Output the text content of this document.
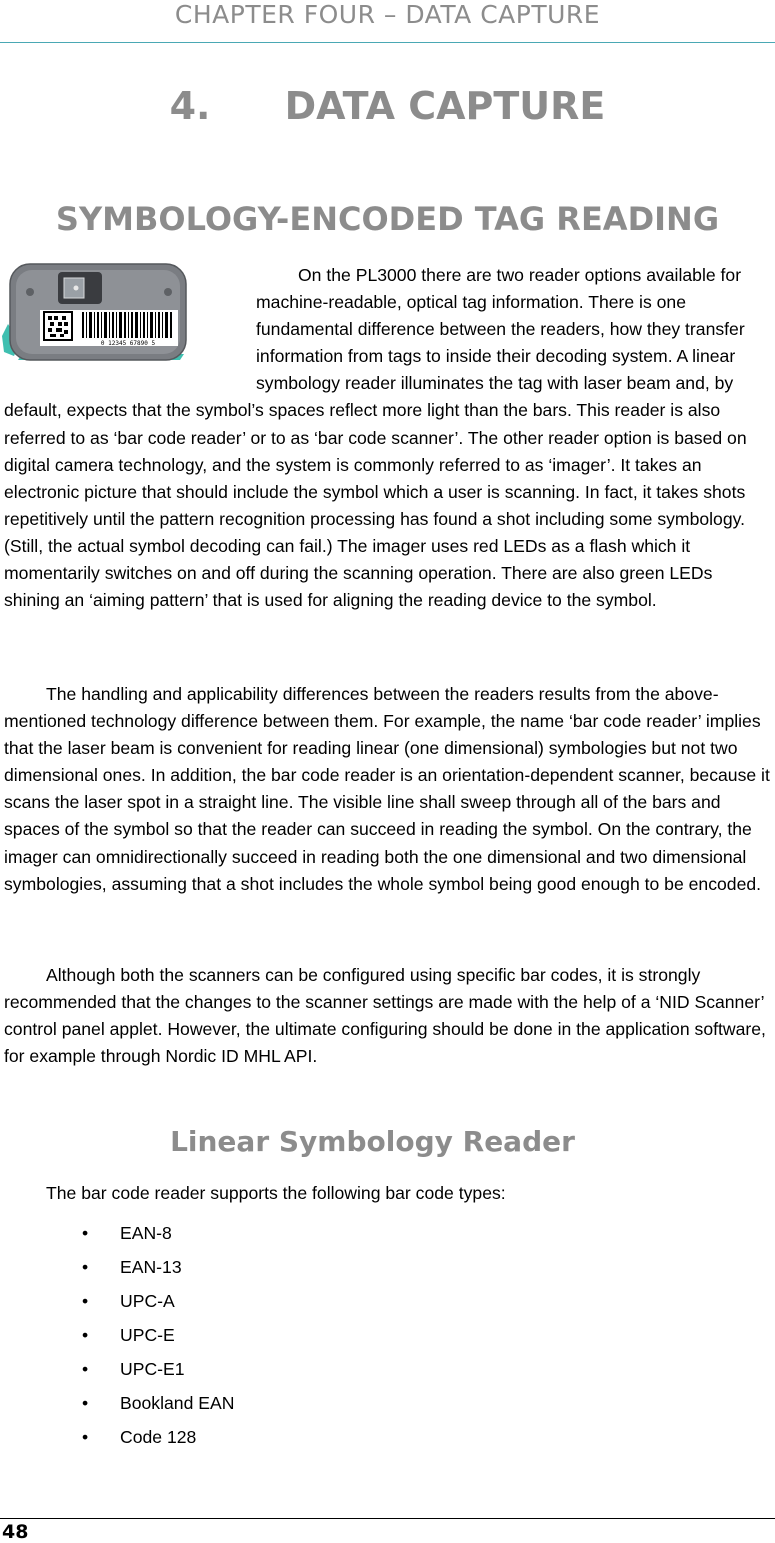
CHAPTER FOUR – DATA CAPTURE
4. DATA CAPTURE
SYMBOLOGY-ENCODED TAG READING
0 12345 67890 5

On the PL3000 there are two reader options available for machine-readable, optical tag information. There is one fundamental difference between the readers, how they transfer information from tags to inside their decoding system. A linear symbology reader illuminates the tag with laser beam and, by default, expects that the symbol’s spaces reflect more light than the bars. This reader is also referred to as ‘bar code reader’ or to as ‘bar code scanner’. The other reader option is based on digital camera technology, and the system is commonly referred to as ‘imager’. It takes an electronic picture that should include the symbol which a user is scanning. In fact, it takes shots repetitively until the pattern recognition processing has found a shot including some symbology. (Still, the actual symbol decoding can fail.) The imager uses red LEDs as a flash which it momentarily switches on and off during the scanning operation. There are also green LEDs shining an ‘aiming pattern’ that is used for aligning the reading device to the symbol.

The handling and applicability differences between the readers results from the above-mentioned technology difference between them. For example, the name ‘bar code reader’ implies that the laser beam is convenient for reading linear (one dimensional) symbologies but not two dimensional ones. In addition, the bar code reader is an orientation-dependent scanner, because it scans the laser spot in a straight line. The visible line shall sweep through all of the bars and spaces of the symbol so that the reader can succeed in reading the symbol. On the contrary, the imager can omnidirectionally succeed in reading both the one dimensional and two dimensional symbologies, assuming that a shot includes the whole symbol being good enough to be encoded.

Although both the scanners can be configured using specific bar codes, it is strongly recommended that the changes to the scanner settings are made with the help of a ‘NID Scanner’ control panel applet. However, the ultimate configuring should be done in the application software, for example through Nordic ID MHL API.

Linear Symbology Reader

The bar code reader supports the following bar code types:

• EAN-8
• EAN-13
• UPC-A
• UPC-E
• UPC-E1
• Bookland EAN
• Code 128
48
